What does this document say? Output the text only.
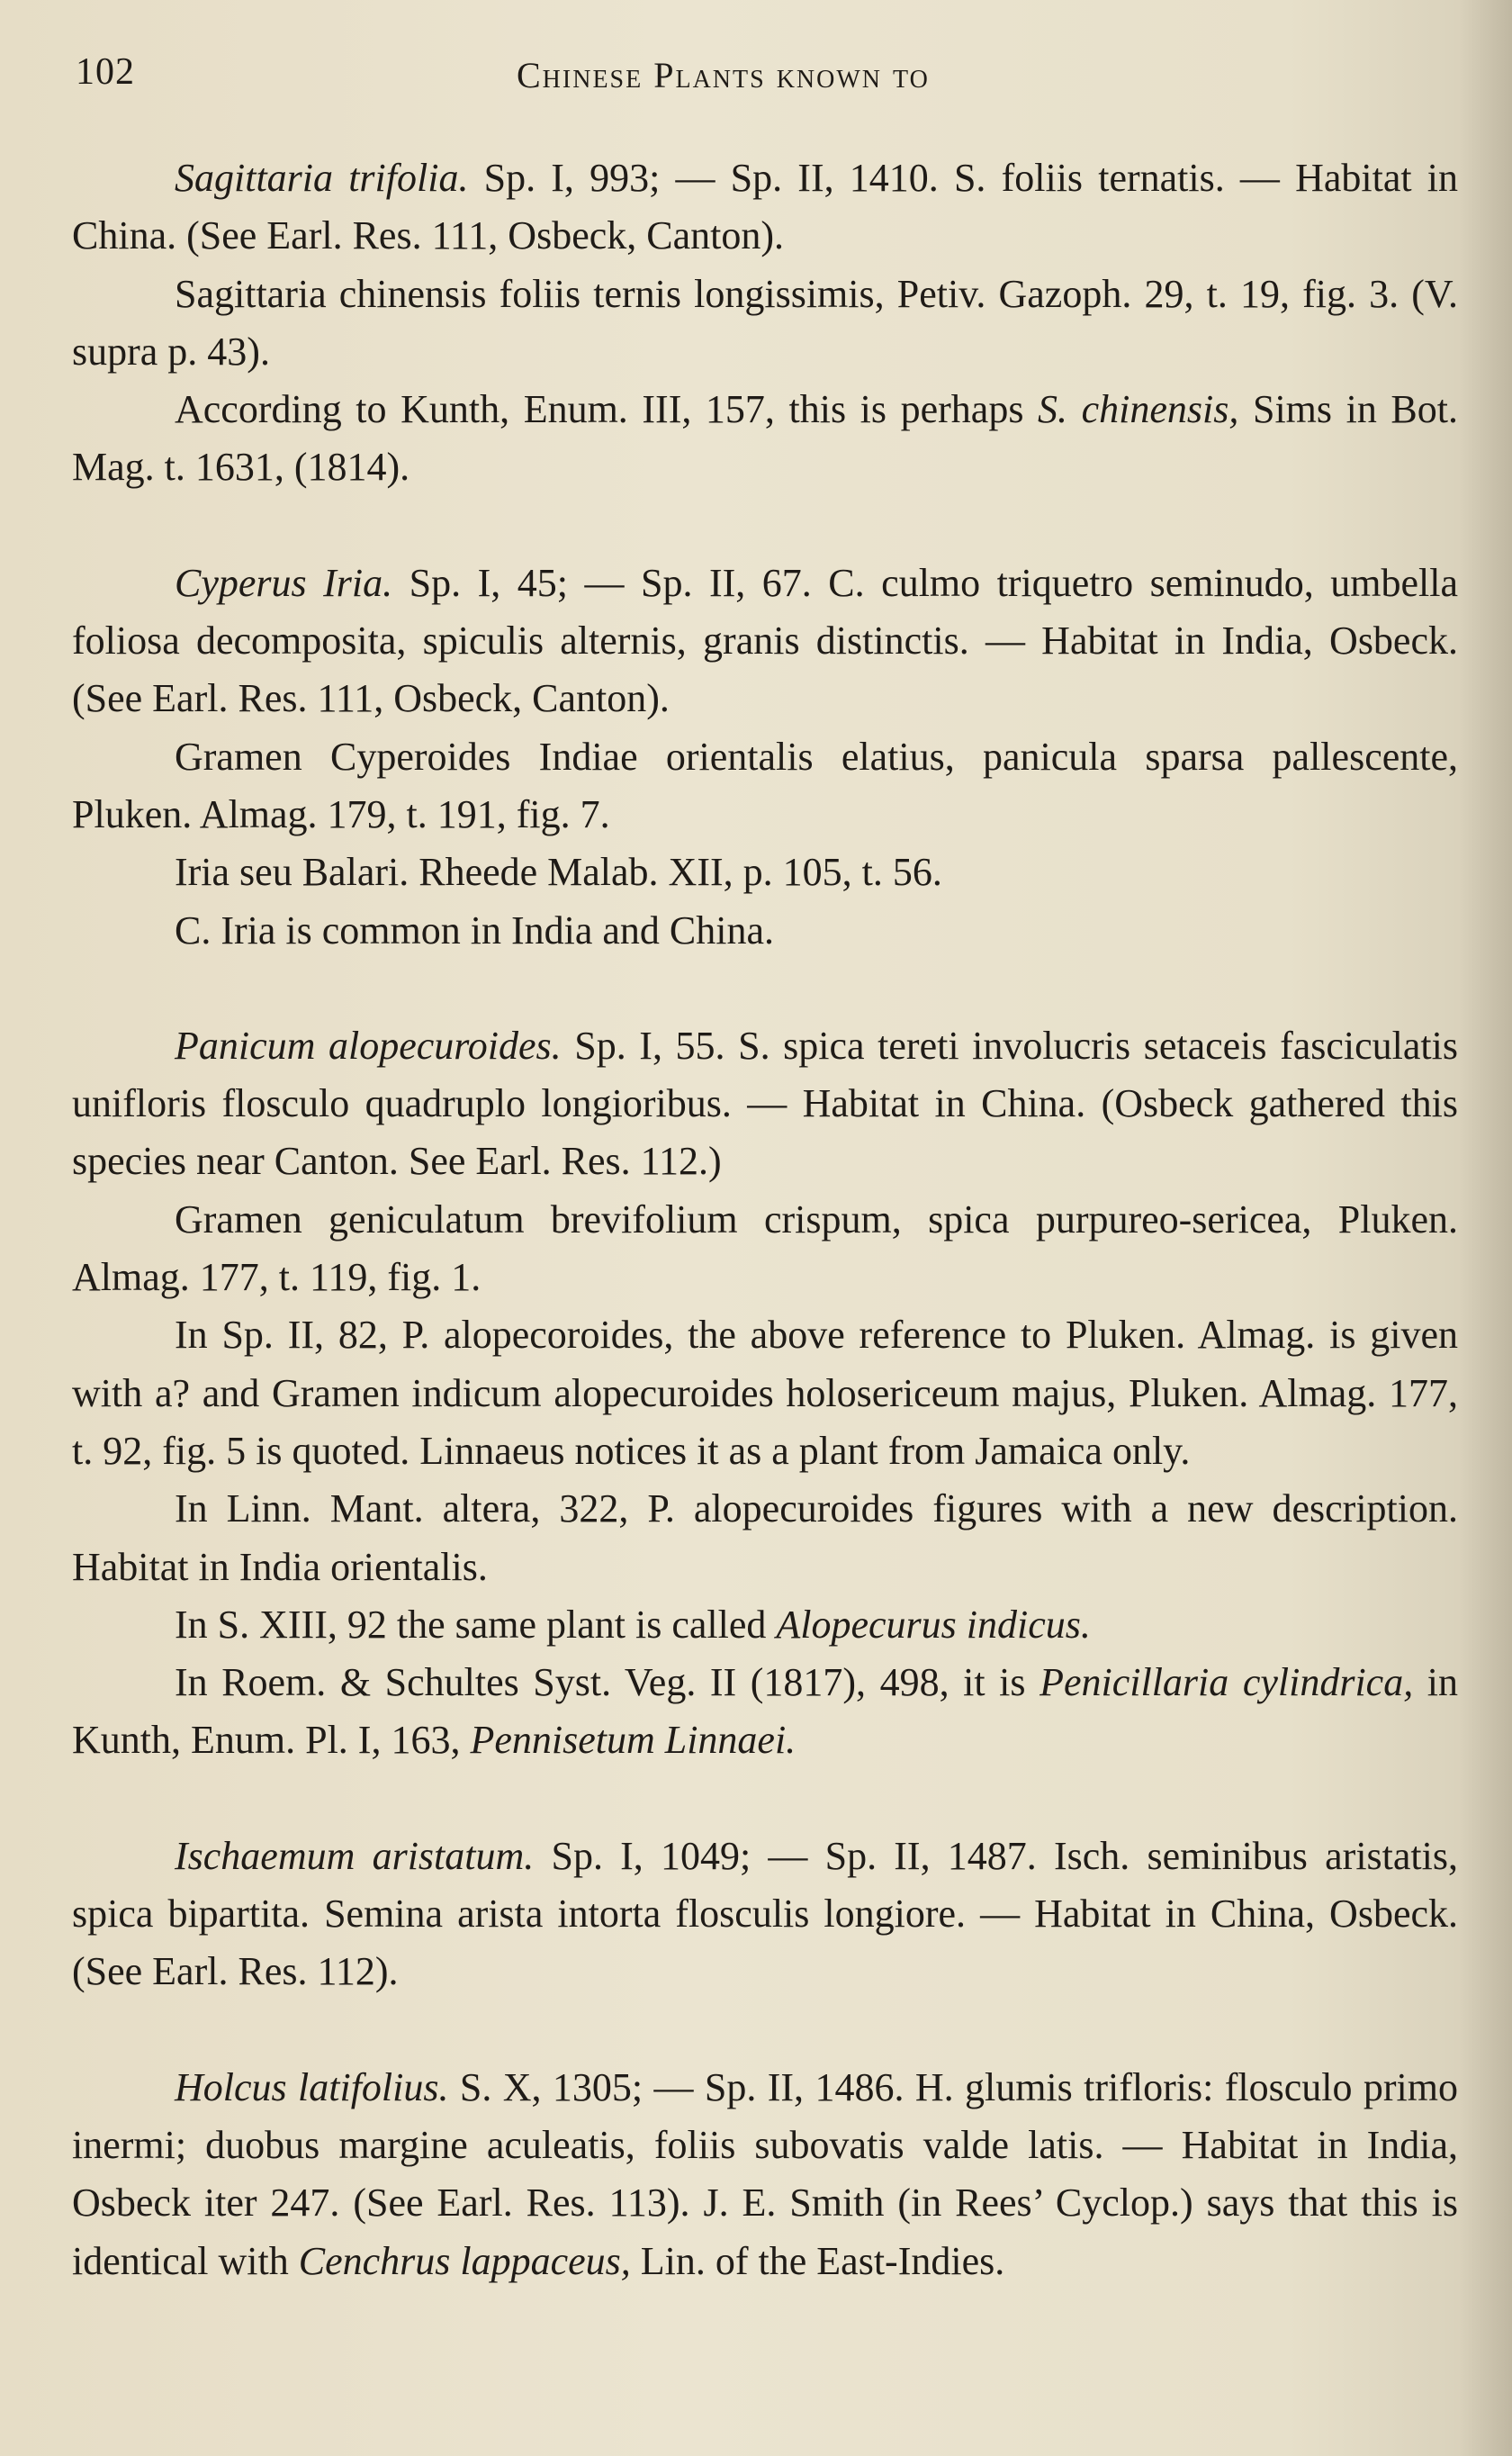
102	Chinese Plants known to

Sagittaria trifolia. Sp. I, 993; — Sp. II, 1410. S. foliis ternatis. — Habitat in China. (See Earl. Res. 111, Osbeck, Canton).

Sagittaria chinensis foliis ternis longissimis, Petiv. Gazoph. 29, t. 19, fig. 3. (V. supra p. 43).

According to Kunth, Enum. III, 157, this is perhaps S. chinensis, Sims in Bot. Mag. t. 1631, (1814).

Cyperus Iria. Sp. I, 45; — Sp. II, 67. C. culmo triquetro seminudo, umbella foliosa decomposita, spiculis alternis, granis distinctis. — Habitat in India, Osbeck. (See Earl. Res. 111, Osbeck, Canton).

Gramen Cyperoides Indiae orientalis elatius, panicula sparsa pallescente, Pluken. Almag. 179, t. 191, fig. 7.

Iria seu Balari. Rheede Malab. XII, p. 105, t. 56.

C. Iria is common in India and China.

Panicum alopecuroides. Sp. I, 55. S. spica tereti involucris setaceis fasciculatis unifloris flosculo quadruplo longioribus. — Habitat in China. (Osbeck gathered this species near Canton. See Earl. Res. 112.)

Gramen geniculatum brevifolium crispum, spica purpureo-sericea, Pluken. Almag. 177, t. 119, fig. 1.

In Sp. II, 82, P. alopecoroides, the above reference to Pluken. Almag. is given with a? and Gramen indicum alopecuroides holosericeum majus, Pluken. Almag. 177, t. 92, fig. 5 is quoted. Linnaeus notices it as a plant from Jamaica only.

In Linn. Mant. altera, 322, P. alopecuroides figures with a new description. Habitat in India orientalis.

In S. XIII, 92 the same plant is called Alopecurus indicus.

In Roem. & Schultes Syst. Veg. II (1817), 498, it is Penicillaria cylindrica, in Kunth, Enum. Pl. I, 163, Pennisetum Linnaei.

Ischaemum aristatum. Sp. I, 1049; — Sp. II, 1487. Isch. seminibus aristatis, spica bipartita. Semina arista intorta flosculis longiore. — Habitat in China, Osbeck. (See Earl. Res. 112).

Holcus latifolius. S. X, 1305; — Sp. II, 1486. H. glumis trifloris: flosculo primo inermi; duobus margine aculeatis, foliis subovatis valde latis. — Habitat in India, Osbeck iter 247. (See Earl. Res. 113). J. E. Smith (in Rees’ Cyclop.) says that this is identical with Cenchrus lappaceus, Lin. of the East-Indies.
